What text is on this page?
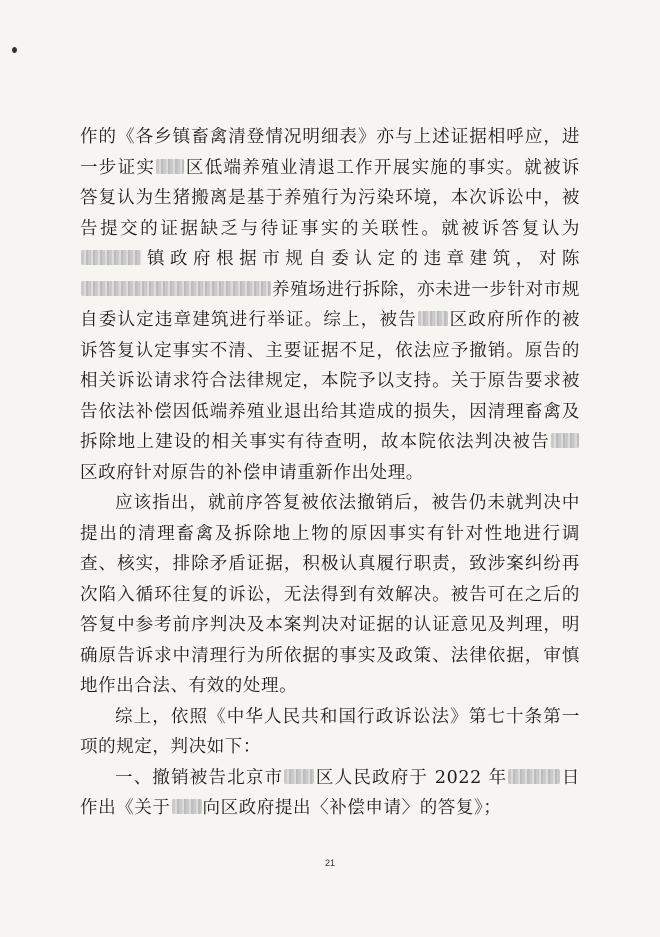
作的《各乡镇畜禽清登情况明细表》亦与上述证据相呼应，进一步证实 区低端养殖业清退工作开展实施的事实。就被诉答复认为生猪搬离是基于养殖行为污染环境，本次诉讼中，被告提交的证据缺乏与待证事实的关联性。就被诉答复认为镇政府根据市规自委认定的违章建筑，对陈养殖场进行拆除，亦未进一步针对市规自委认定违章建筑进行举证。综上，被告 区政府所作的被诉答复认定事实不清、主要证据不足，依法应予撤销。原告的相关诉讼请求符合法律规定，本院予以支持。关于原告要求被告依法补偿因低端养殖业退出给其造成的损失，因清理畜禽及拆除地上建设的相关事实有待查明，故本院依法判决被告区政府针对原告的补偿申请重新作出处理。

应该指出，就前序答复被依法撤销后，被告仍未就判决中提出的清理畜禽及拆除地上物的原因事实有针对性地进行调查、核实，排除矛盾证据，积极认真履行职责，致涉案纠纷再次陷入循环往复的诉讼，无法得到有效解决。被告可在之后的答复中参考前序判决及本案判决对证据的认证意见及判理，明确原告诉求中清理行为所依据的事实及政策、法律依据，审慎地作出合法、有效的处理。

综上，依照《中华人民共和国行政诉讼法》第七十条第一项的规定，判决如下：

一、撤销被告北京市 区人民政府于 2022 年	日作出《关于 向区政府提出〈补偿申请〉的答复》；

21
